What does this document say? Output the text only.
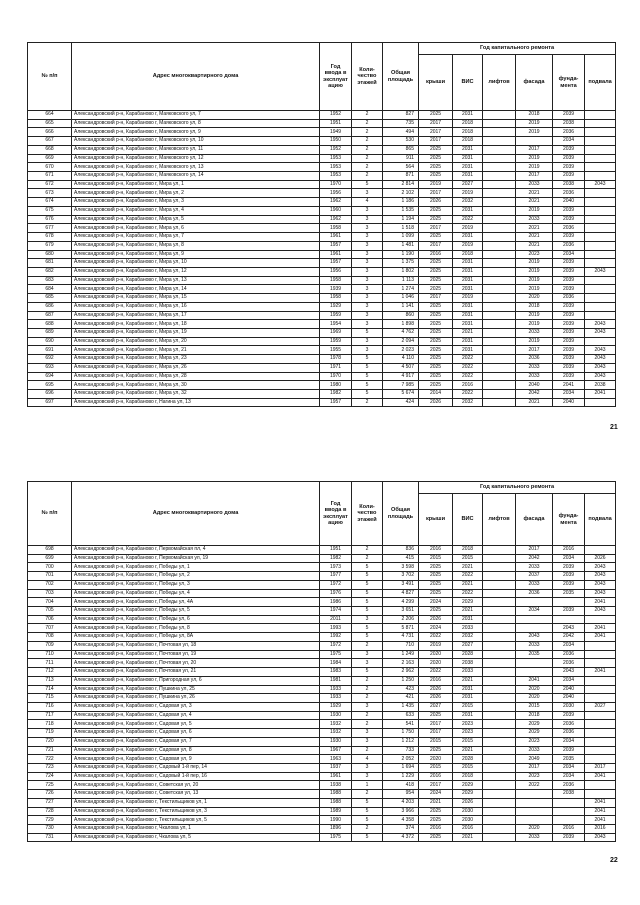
№ п/п	Адрес многоквартирного дома	Год ввода в эксплуат ацию	Коли-чество этажей	Общая площадь	Год капитального ремонта					
					крыши	ВИС	лифтов	фасада	фунда-мента	подвала
664	Александровский р-н, Карабаново г, Маяковского ул, 7	1952	2	827	2025	2031		2018	2039	
665	Александровский р-н, Карабаново г, Маяковского ул, 8	1951	2	735	2017	2018		2019	2038	
666	Александровский р-н, Карабаново г, Маяковского ул, 9	1949	2	494	2017	2018		2019	2036	
667	Александровский р-н, Карабаново г, Маяковского ул, 10	1950	2	530	2017	2018			2034	
668	Александровский р-н, Карабаново г, Маяковского ул, 11	1952	2	865	2025	2031		2017	2039	
669	Александровский р-н, Карабаново г, Маяковского ул, 12	1953	2	911	2025	2031		2019	2039	
670	Александровский р-н, Карабаново г, Маяковского ул, 13	1953	2	564	2025	2031		2019	2039	
671	Александровский р-н, Карабаново г, Маяковского ул, 14	1953	2	871	2025	2031		2017	2039	
672	Александровский р-н, Карабаново г, Мира ул, 1	1970	5	2 814	2019	2027		2033	2038	2043
673	Александровский р-н, Карабаново г, Мира ул, 2	1956	3	2 102	2017	2019		2021	2036	
674	Александровский р-н, Карабаново г, Мира ул, 3	1962	4	1 186	2026	2032		2021	2040	
675	Александровский р-н, Карабаново г, Мира ул, 4	1960	3	1 535	2025	2031		2019	2039	
676	Александровский р-н, Карабаново г, Мира ул, 5	1962	3	1 194	2025	2022		2033	2039	
677	Александровский р-н, Карабаново г, Мира ул, 6	1958	3	1 518	2017	2019		2021	2036	
678	Александровский р-н, Карабаново г, Мира ул, 7	1961	3	1 099	2025	2031		2021	2039	
679	Александровский р-н, Карабаново г, Мира ул, 8	1957	3	1 481	2017	2019		2021	2036	
680	Александровский р-н, Карабаново г, Мира ул, 9	1961	3	1 190	2016	2018		2023	2034	
681	Александровский р-н, Карабаново г, Мира ул, 10	1957	3	1 375	2025	2031		2019	2039	
682	Александровский р-н, Карабаново г, Мира ул, 12	1956	3	1 802	2025	2031		2019	2039	2043
683	Александровский р-н, Карабаново г, Мира ул, 13	1958	3	1 113	2025	2031		2019	2039	
684	Александровский р-н, Карабаново г, Мира ул, 14	1939	3	1 274	2025	2031		2019	2039	
685	Александровский р-н, Карабаново г, Мира ул, 15	1958	3	1 046	2017	2019		2020	2036	
686	Александровский р-н, Карабаново г, Мира ул, 16	1929	3	1 141	2025	2031		2018	2039	
687	Александровский р-н, Карабаново г, Мира ул, 17	1959	3	860	2025	2031		2019	2039	
688	Александровский р-н, Карабаново г, Мира ул, 18	1954	3	1 898	2025	2031		2019	2039	2043
689	Александровский р-н, Карабаново г, Мира ул, 19	1969	5	4 762	2025	2021		2033	2039	2043
690	Александровский р-н, Карабаново г, Мира ул, 20	1959	3	2 094	2025	2031		2019	2039	
691	Александровский р-н, Карабаново г, Мира ул, 21	1955	3	2 023	2025	2031		2017	2039	2043
692	Александровский р-н, Карабаново г, Мира ул, 23	1978	5	4 110	2025	2022		2036	2039	2043
693	Александровский р-н, Карабаново г, Мира ул, 26	1971	5	4 507	2025	2022		2033	2039	2043
694	Александровский р-н, Карабаново г, Мира ул, 28	1970	5	4 917	2025	2022		2033	2039	2043
695	Александровский р-н, Карабаново г, Мира ул, 30	1980	5	7 985	2025	2016		2040	2041	2038
696	Александровский р-н, Карабаново г, Мира ул, 32	1982	5	5 674	2014	2022		2042	2034	2041
697	Александровский р-н, Карабаново г, Нагина ул, 13	1957	2	424	2026	2032		2021	2040	
21
№ п/п	Адрес многоквартирного дома	Год ввода в эксплуат ацию	Коли-чество этажей	Общая площадь	Год капитального ремонта					
					крыши	ВИС	лифтов	фасада	фунда-мента	подвала
698	Александровский р-н, Карабаново г, Первомайская пл, 4	1951	2	836	2016	2018		2017	2016	
699	Александровский р-н, Карабаново г, Первомайская ул, 19	1982	2	415	2015	2015		2042	2034	2026
700	Александровский р-н, Карабаново г, Победы ул, 1	1973	5	3 598	2025	2021		2033	2039	2043
701	Александровский р-н, Карабаново г, Победы ул, 2	1977	5	3 702	2025	2022		2037	2039	2043
702	Александровский р-н, Карабаново г, Победы ул, 3	1972	5	3 491	2025	2021		2033	2039	2043
703	Александровский р-н, Карабаново г, Победы ул, 4	1976	5	4 827	2025	2022		2036	2035	2043
704	Александровский р-н, Карабаново г, Победы ул, 4А	1986	5	4 299	2024	2029				2041
705	Александровский р-н, Карабаново г, Победы ул, 5	1974	5	3 651	2025	2021		2034	2039	2043
706	Александровский р-н, Карабаново г, Победы ул, 6	2011	3	2 206	2026	2031				
707	Александровский р-н, Карабаново г, Победы ул, 8	1993	5	5 871	2024	2033			2043	2041
708	Александровский р-н, Карабаново г, Победы ул, 8А	1992	5	4 731	2022	2032		2043	2042	2041
709	Александровский р-н, Карабаново г, Почтовая ул, 18	1972	2	710	2019	2027		2033	2034	
710	Александровский р-н, Карабаново г, Почтовая ул, 19	1975	3	1 249	2020	2028		2035	2036	
711	Александровский р-н, Карабаново г, Почтовая ул, 20	1984	3	2 163	2020	2038			2036	
712	Александровский р-н, Карабаново г, Почтовая ул, 21	1983	5	2 962	2022	2033			2043	2041
713	Александровский р-н, Карабаново г, Пригородная ул, 6	1981	2	1 250	2016	2021		2041	2034	
714	Александровский р-н, Карабаново г, Пушкина ул, 25	1933	2	423	2026	2031		2020	2040	
715	Александровский р-н, Карабаново г, Пушкина ул, 26	1933	2	421	2026	2031		2020	2040	
716	Александровский р-н, Карабаново г, Садовая ул, 3	1929	3	1 435	2027	2015		2015	2030	2027
717	Александровский р-н, Карабаново г, Садовая ул, 4	1930	2	633	2025	2031		2018	2039	
718	Александровский р-н, Карабаново г, Садовая ул, 5	1932	2	541	2017	2023		2029	2036	
719	Александровский р-н, Карабаново г, Садовая ул, 6	1932	3	1 750	2017	2023		2029	2036	
720	Александровский р-н, Карабаново г, Садовая ул, 7	1930	3	1 212	2015	2015		2023	2034	
721	Александровский р-н, Карабаново г, Садовая ул, 8	1967	2	733	2025	2021		2033	2039	
722	Александровский р-н, Карабаново г, Садовая ул, 9	1963	4	2 052	2020	2028		2049	2035	
723	Александровский р-н, Карабаново г, Садовый 1-й пер, 14	1937	3	1 694	2015	2015		2017	2034	2017
724	Александровский р-н, Карабаново г, Садовый 1-й пер, 16	1961	3	1 229	2016	2018		2023	2034	2041
725	Александровский р-н, Карабаново г, Советская ул, 20	1938	1	418	2017	2029		2022	2036	
726	Александровский р-н, Карабаново г, Советская ул, 13	1988	2	954	2024	2029			2038	
727	Александровский р-н, Карабаново г, Текстильщиков ул, 1	1988	5	4 203	2021	2026				2041
728	Александровский р-н, Карабаново г, Текстильщиков ул, 3	1989	5	3 966	2025	2030				2041
729	Александровский р-н, Карабаново г, Текстильщиков ул, 5	1990	5	4 358	2025	2030				2041
730	Александровский р-н, Карабаново г, Чкалова ул, 1	1896	2	374	2016	2016		2020	2016	2016
731	Александровский р-н, Карабаново г, Чкалова ул, 5	1975	5	4 372	2025	2021		2033	2039	2043
22
